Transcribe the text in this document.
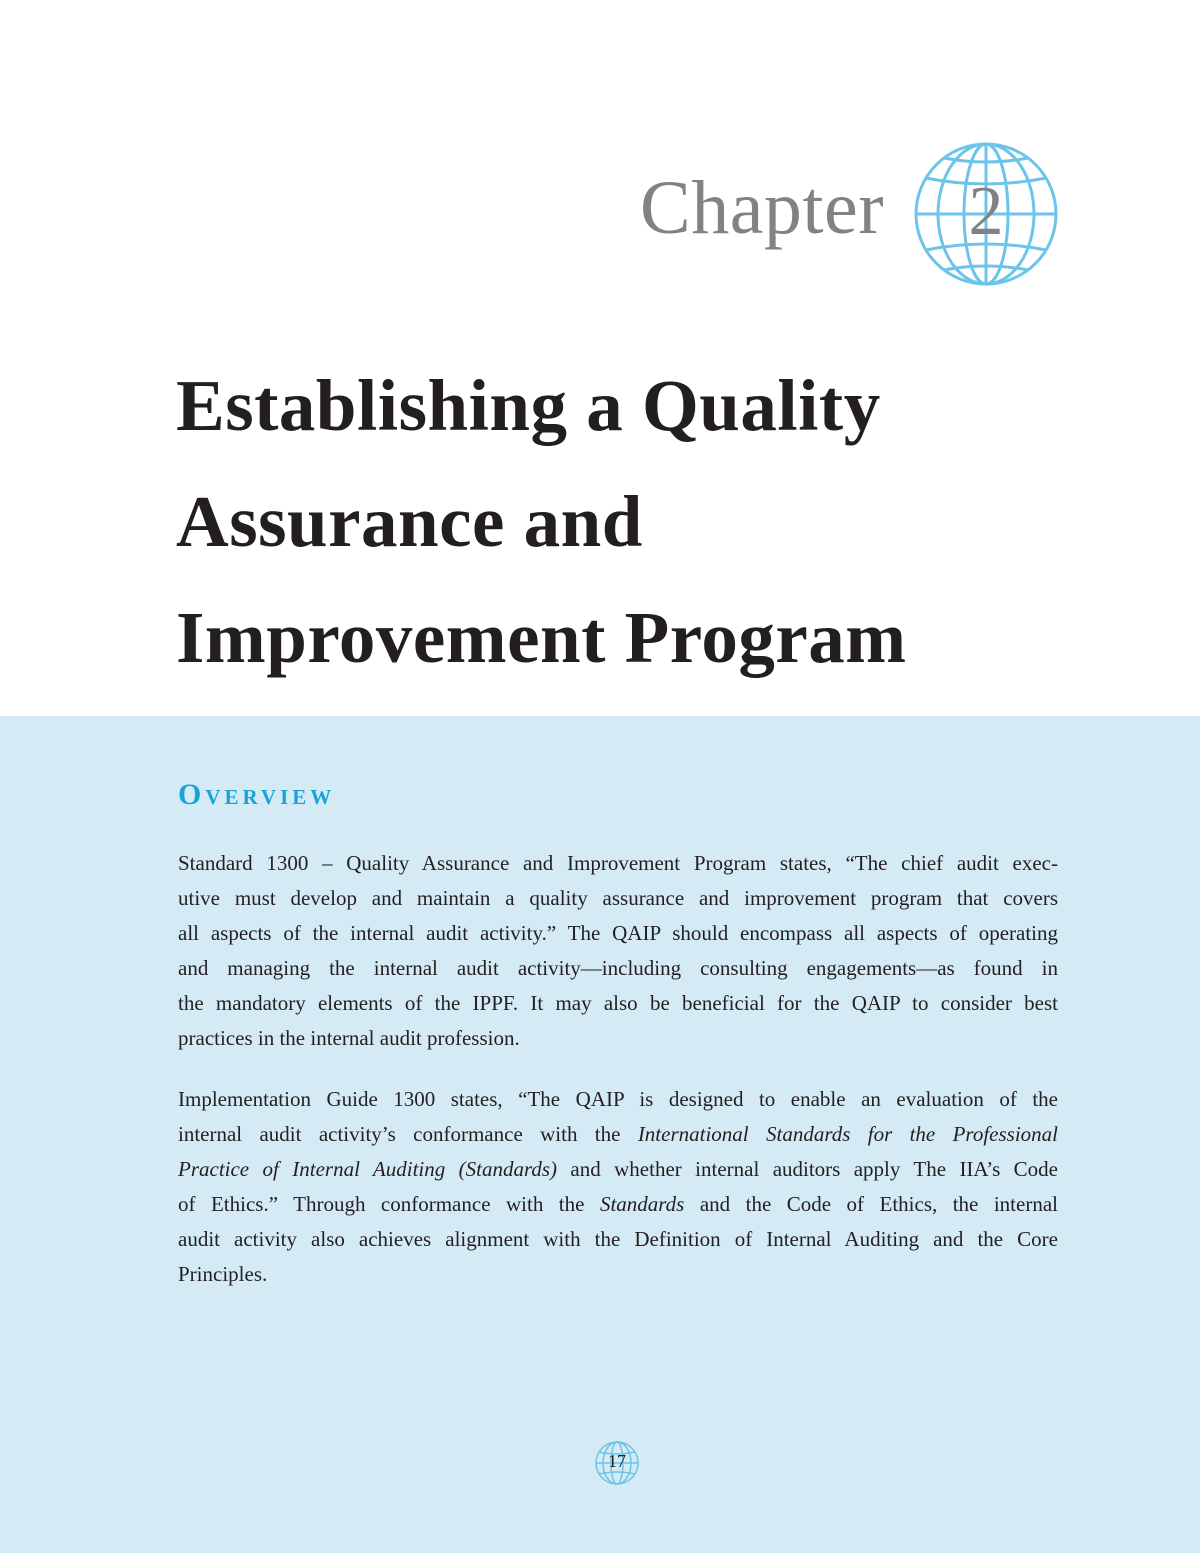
Chapter 2
Establishing a Quality
Assurance and
Improvement Program
Overview
Standard 1300 – Quality Assurance and Improvement Program states, “The chief audit exec-
utive must develop and maintain a quality assurance and improvement program that covers
all aspects of the internal audit activity.” The QAIP should encompass all aspects of operating
and managing the internal audit activity—including consulting engagements—as found in
the mandatory elements of the IPPF. It may also be beneficial for the QAIP to consider best
practices in the internal audit profession.
Implementation Guide 1300 states, “The QAIP is designed to enable an evaluation of the
internal audit activity’s conformance with the International Standards for the Professional
Practice of Internal Auditing (Standards) and whether internal auditors apply The IIA’s Code
of Ethics.” Through conformance with the Standards and the Code of Ethics, the internal
audit activity also achieves alignment with the Definition of Internal Auditing and the Core
Principles.
17
